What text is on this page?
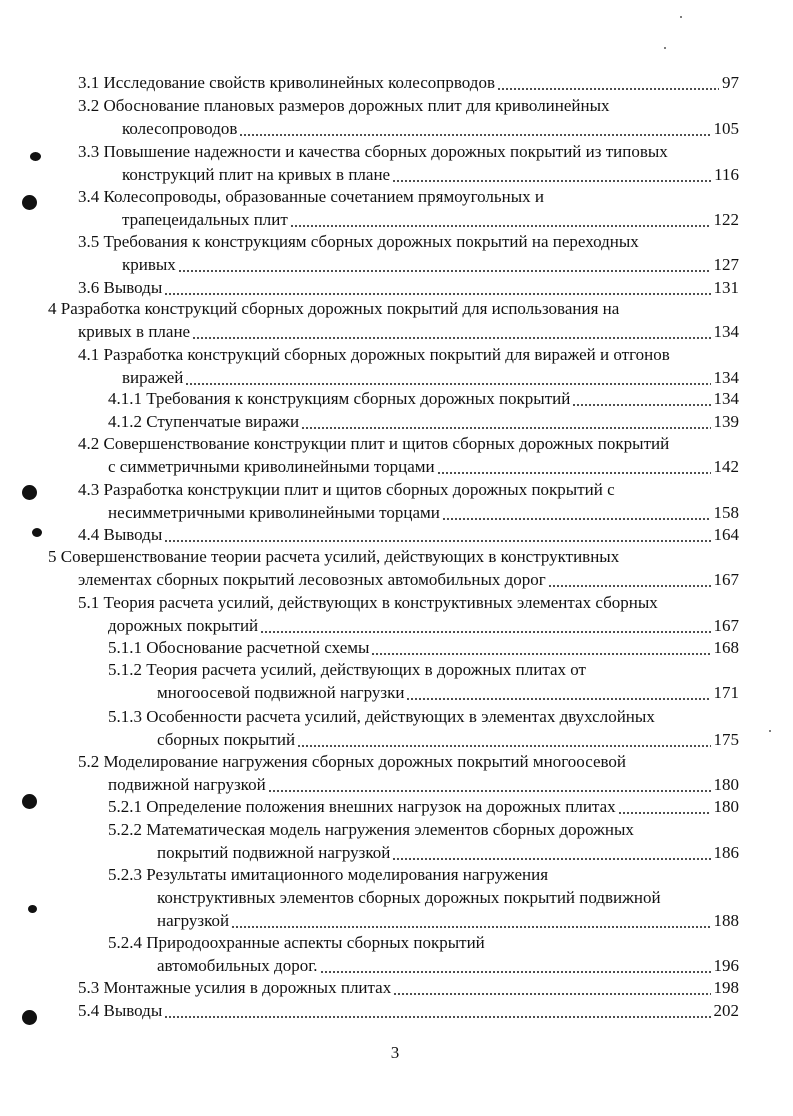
3.1 Исследование свойств криволинейных колесопрводов	97
3.2 Обоснование плановых размеров дорожных плит для криволинейных
колесопроводов	105
3.3 Повышение надежности и качества сборных дорожных покрытий из типовых
конструкций плит на кривых в плане	116
3.4 Колесопроводы, образованные сочетанием прямоугольных и
трапецеидальных плит	122
3.5 Требования к конструкциям сборных дорожных покрытий на переходных
кривых	127
3.6 Выводы	131
4 Разработка конструкций сборных дорожных покрытий для использования на
кривых в плане	134
4.1 Разработка конструкций сборных дорожных покрытий для виражей и отгонов
виражей	134
4.1.1 Требования к конструкциям сборных дорожных покрытий	134
4.1.2 Ступенчатые виражи	139
4.2 Совершенствование конструкции плит и щитов сборных дорожных покрытий
с симметричными криволинейными торцами	142
4.3 Разработка конструкции плит и щитов сборных дорожных покрытий с
несимметричными криволинейными торцами	158
4.4 Выводы	164
5 Совершенствование теории расчета усилий, действующих в конструктивных
элементах сборных покрытий лесовозных автомобильных дорог	167
5.1 Теория расчета усилий, действующих в конструктивных элементах сборных
дорожных покрытий	167
5.1.1 Обоснование расчетной схемы	168
5.1.2 Теория расчета усилий, действующих в дорожных плитах от
многоосевой подвижной нагрузки	171
5.1.3 Особенности расчета усилий, действующих в элементах двухслойных
сборных покрытий	175
5.2 Моделирование нагружения сборных дорожных покрытий многоосевой
подвижной нагрузкой	180
5.2.1 Определение положения внешних нагрузок на дорожных плитах	180
5.2.2 Математическая модель нагружения элементов сборных дорожных
покрытий подвижной нагрузкой	186
5.2.3 Результаты имитационного моделирования нагружения
конструктивных элементов сборных дорожных покрытий подвижной
нагрузкой	188
5.2.4 Природоохранные аспекты сборных покрытий
автомобильных дорог.	196
5.3 Монтажные усилия в дорожных плитах	198
5.4 Выводы	202
3
